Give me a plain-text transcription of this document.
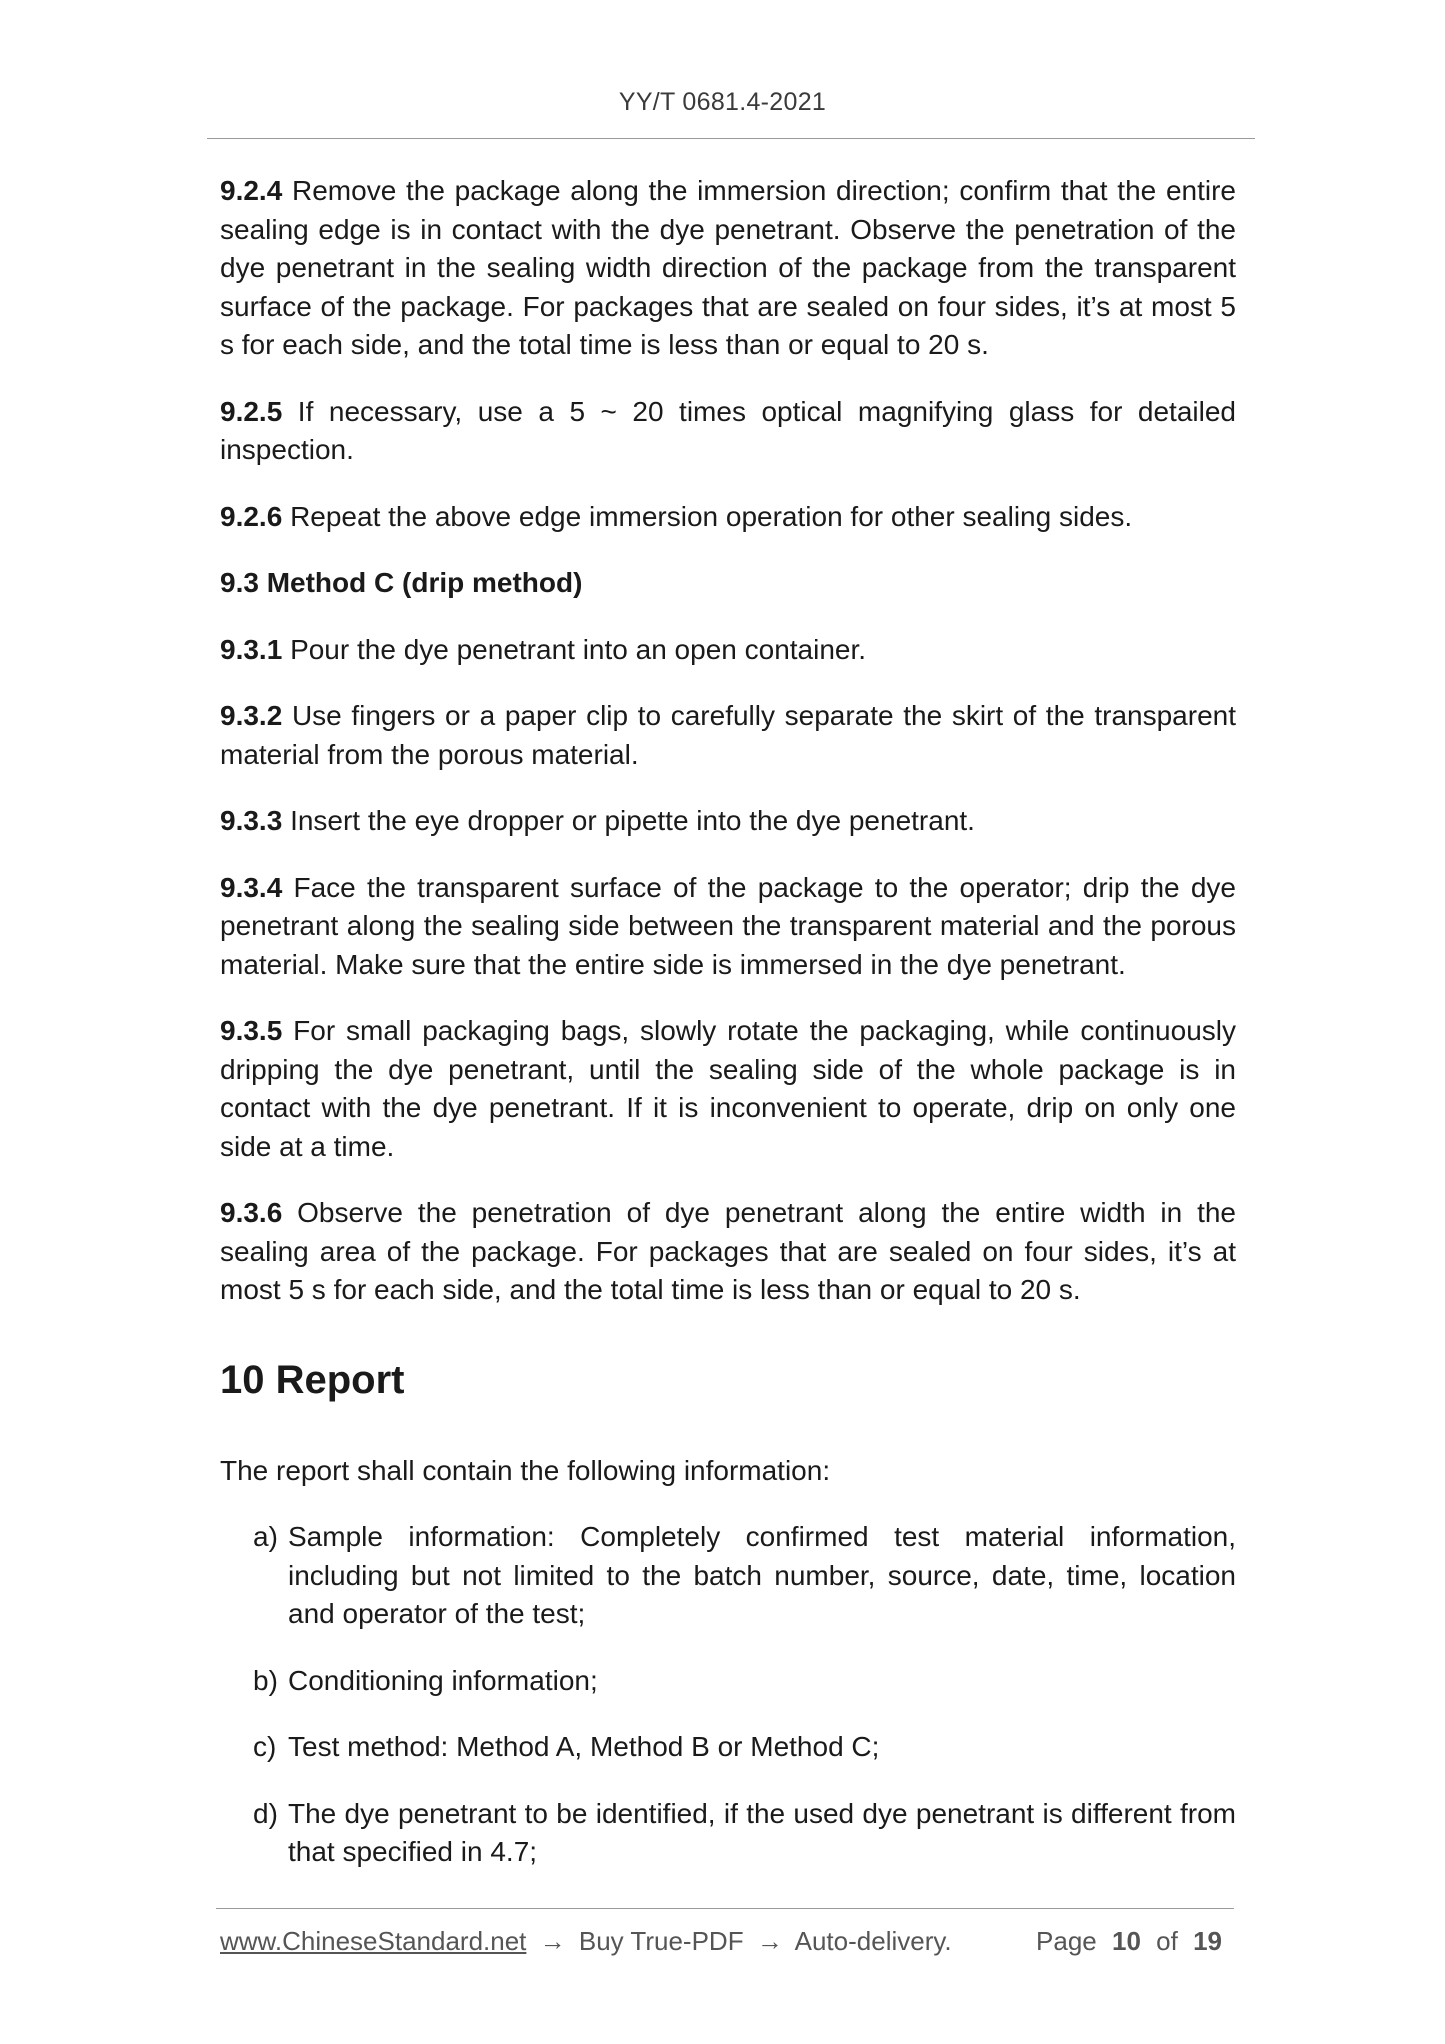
YY/T 0681.4-2021

9.2.4 Remove the package along the immersion direction; confirm that the entire sealing edge is in contact with the dye penetrant. Observe the penetration of the dye penetrant in the sealing width direction of the package from the transparent surface of the package. For packages that are sealed on four sides, it’s at most 5 s for each side, and the total time is less than or equal to 20 s.

9.2.5 If necessary, use a 5 ~ 20 times optical magnifying glass for detailed inspection.

9.2.6 Repeat the above edge immersion operation for other sealing sides.

9.3 Method C (drip method)

9.3.1 Pour the dye penetrant into an open container.

9.3.2 Use fingers or a paper clip to carefully separate the skirt of the transparent material from the porous material.

9.3.3 Insert the eye dropper or pipette into the dye penetrant.

9.3.4 Face the transparent surface of the package to the operator; drip the dye penetrant along the sealing side between the transparent material and the porous material. Make sure that the entire side is immersed in the dye penetrant.

9.3.5 For small packaging bags, slowly rotate the packaging, while continuously dripping the dye penetrant, until the sealing side of the whole package is in contact with the dye penetrant. If it is inconvenient to operate, drip on only one side at a time.

9.3.6 Observe the penetration of dye penetrant along the entire width in the sealing area of the package. For packages that are sealed on four sides, it’s at most 5 s for each side, and the total time is less than or equal to 20 s.

10 Report

The report shall contain the following information:

a) Sample information: Completely confirmed test material information, including but not limited to the batch number, source, date, time, location and operator of the test;
b) Conditioning information;
c) Test method: Method A, Method B or Method C;
d) The dye penetrant to be identified, if the used dye penetrant is different from that specified in 4.7;
www.ChineseStandard.net → Buy True-PDF → Auto-delivery.	Page 10 of 19
